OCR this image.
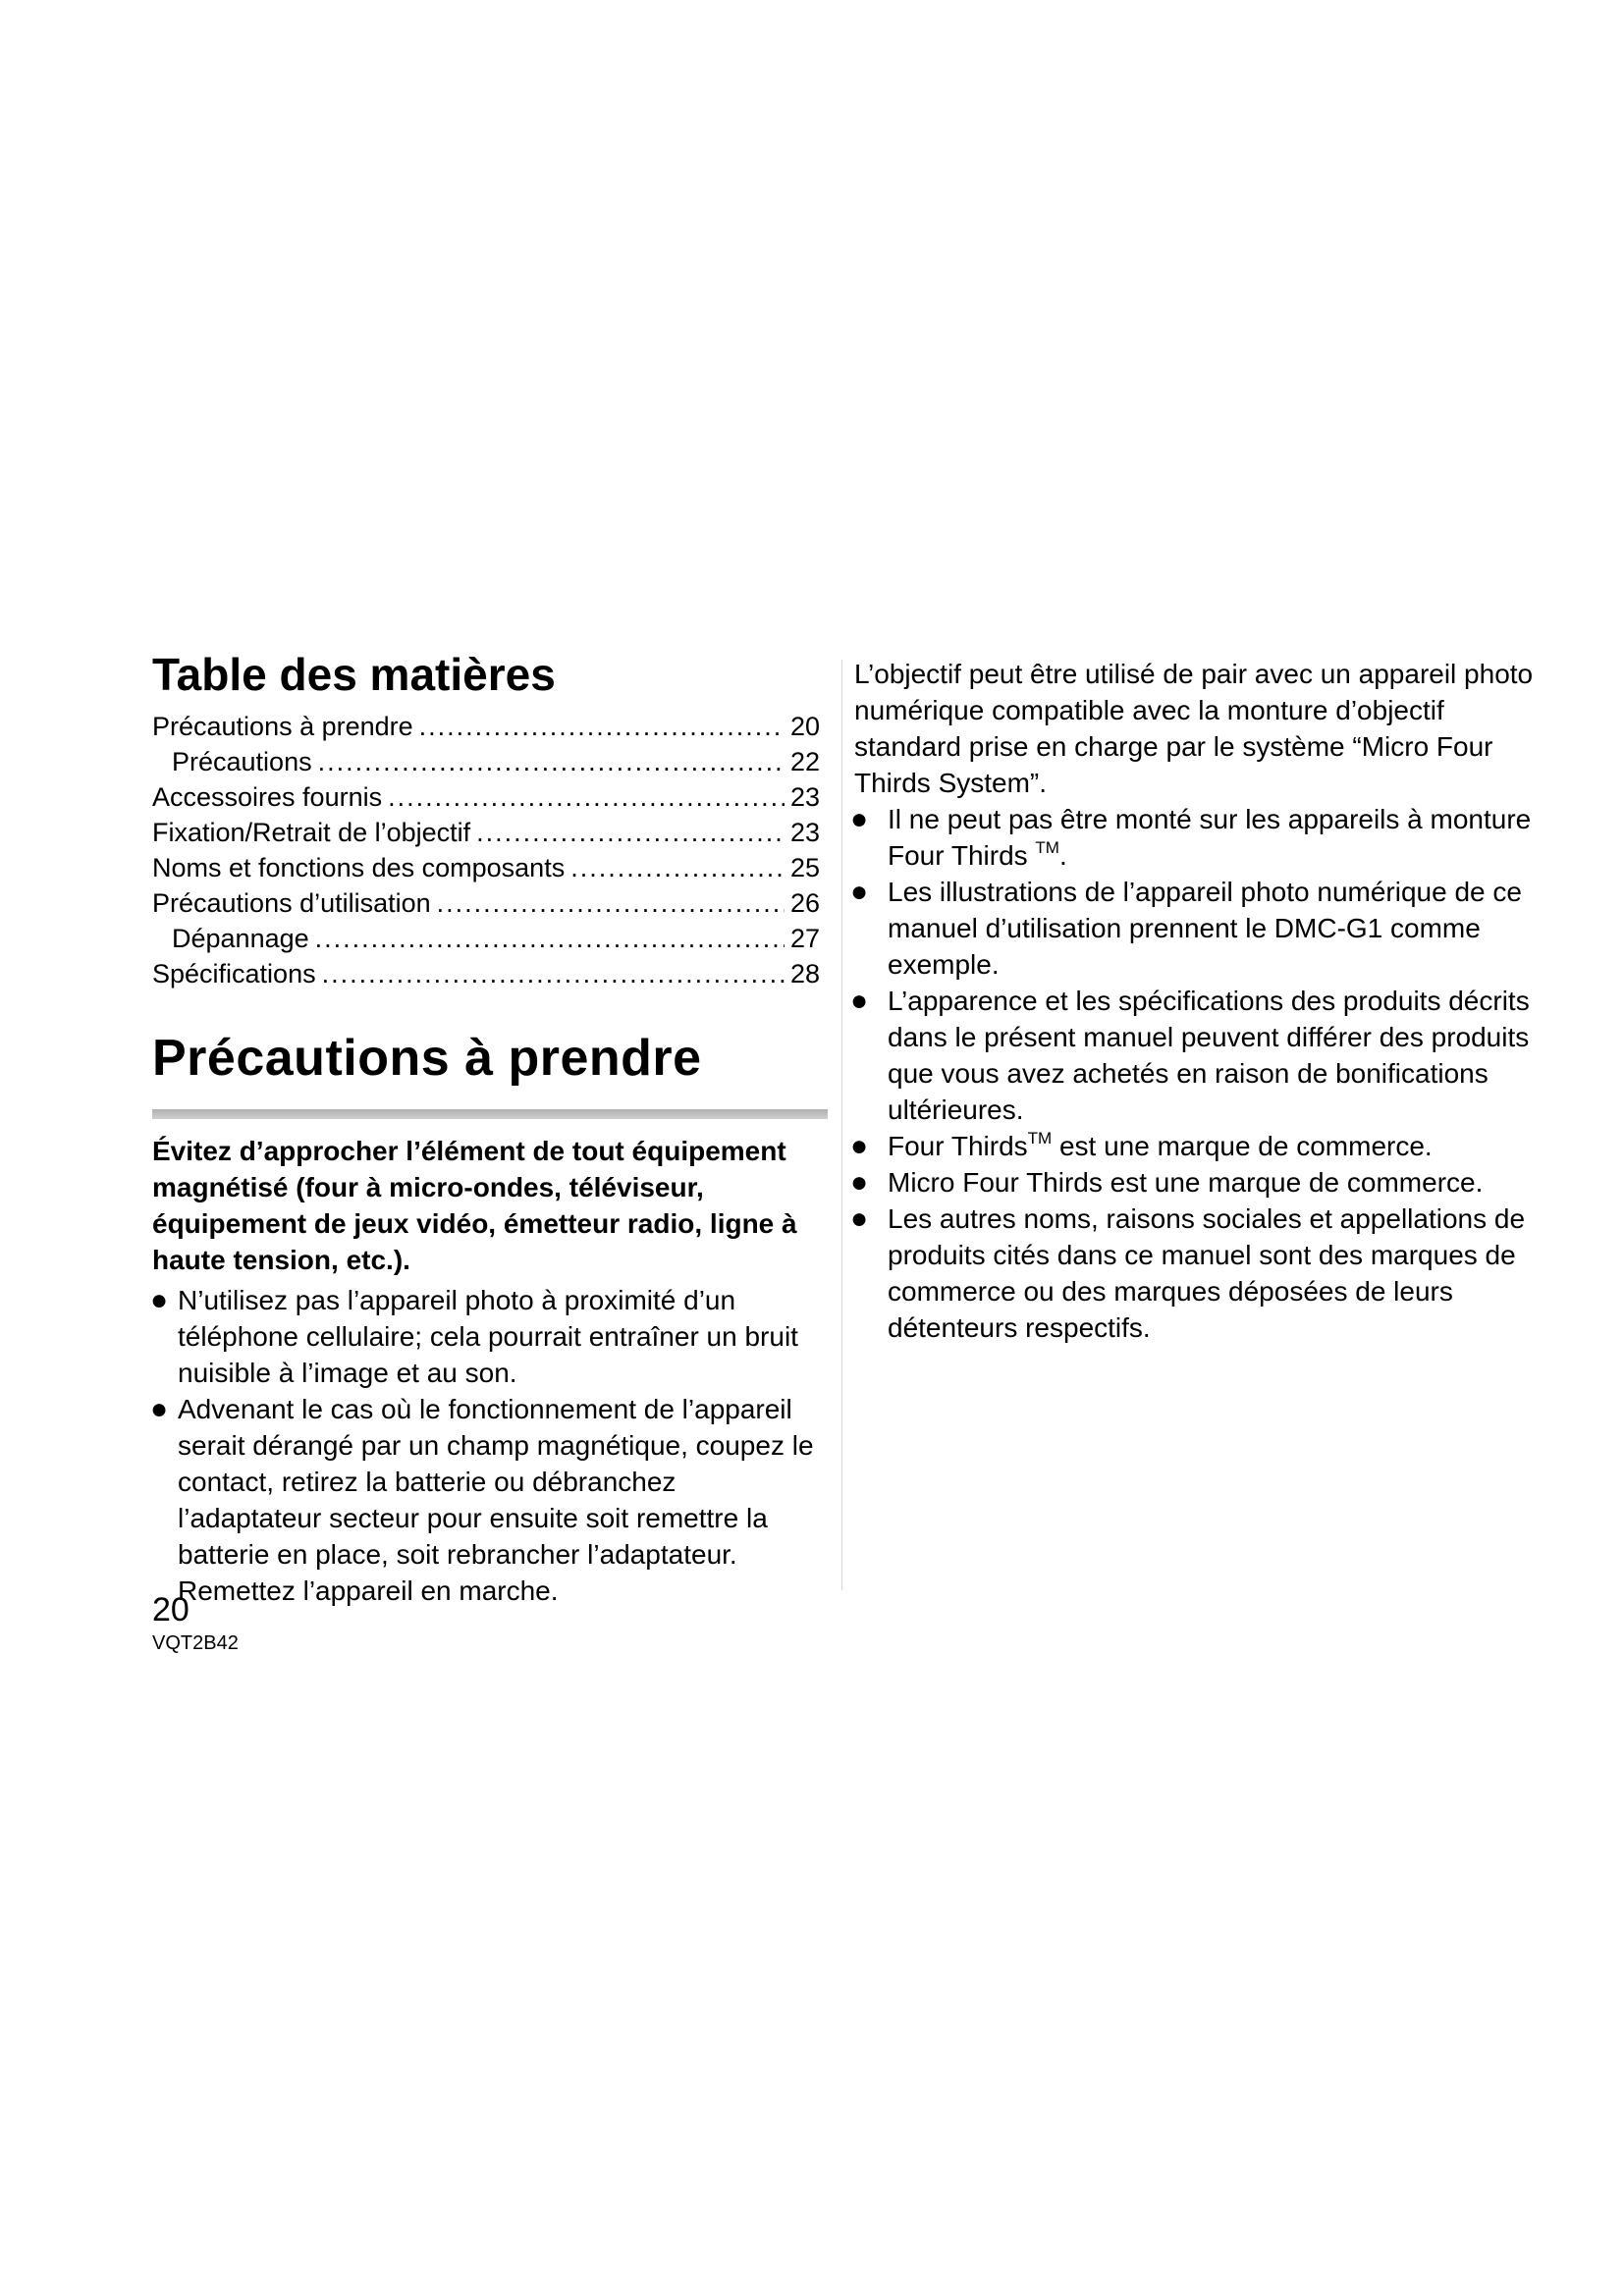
Table des matières
Précautions à prendre .....	20
Précautions .....	22
Accessoires fournis .....	23
Fixation/Retrait de l’objectif .....	23
Noms et fonctions des composants .....	25
Précautions d’utilisation .....	26
Dépannage .....	27
Spécifications .....	28
Précautions à prendre

Évitez d’approcher l’élément de tout équipement magnétisé (four à micro-ondes, téléviseur, équipement de jeux vidéo, émetteur radio, ligne à haute tension, etc.).

● N’utilisez pas l’appareil photo à proximité d’un téléphone cellulaire; cela pourrait entraîner un bruit nuisible à l’image et au son.
● Advenant le cas où le fonctionnement de l’appareil serait dérangé par un champ magnétique, coupez le contact, retirez la batterie ou débranchez l’adaptateur secteur pour ensuite soit remettre la batterie en place, soit rebrancher l’adaptateur. Remettez l’appareil en marche.

L’objectif peut être utilisé de pair avec un appareil photo numérique compatible avec la monture d’objectif standard prise en charge par le système “Micro Four Thirds System”.

● Il ne peut pas être monté sur les appareils à monture Four Thirds ™.
● Les illustrations de l’appareil photo numérique de ce manuel d’utilisation prennent le DMC-G1 comme exemple.
● L’apparence et les spécifications des produits décrits dans le présent manuel peuvent différer des produits que vous avez achetés en raison de bonifications ultérieures.
● Four Thirds™ est une marque de commerce.
● Micro Four Thirds est une marque de commerce.
● Les autres noms, raisons sociales et appellations de produits cités dans ce manuel sont des marques de commerce ou des marques déposées de leurs détenteurs respectifs.
20
VQT2B42
